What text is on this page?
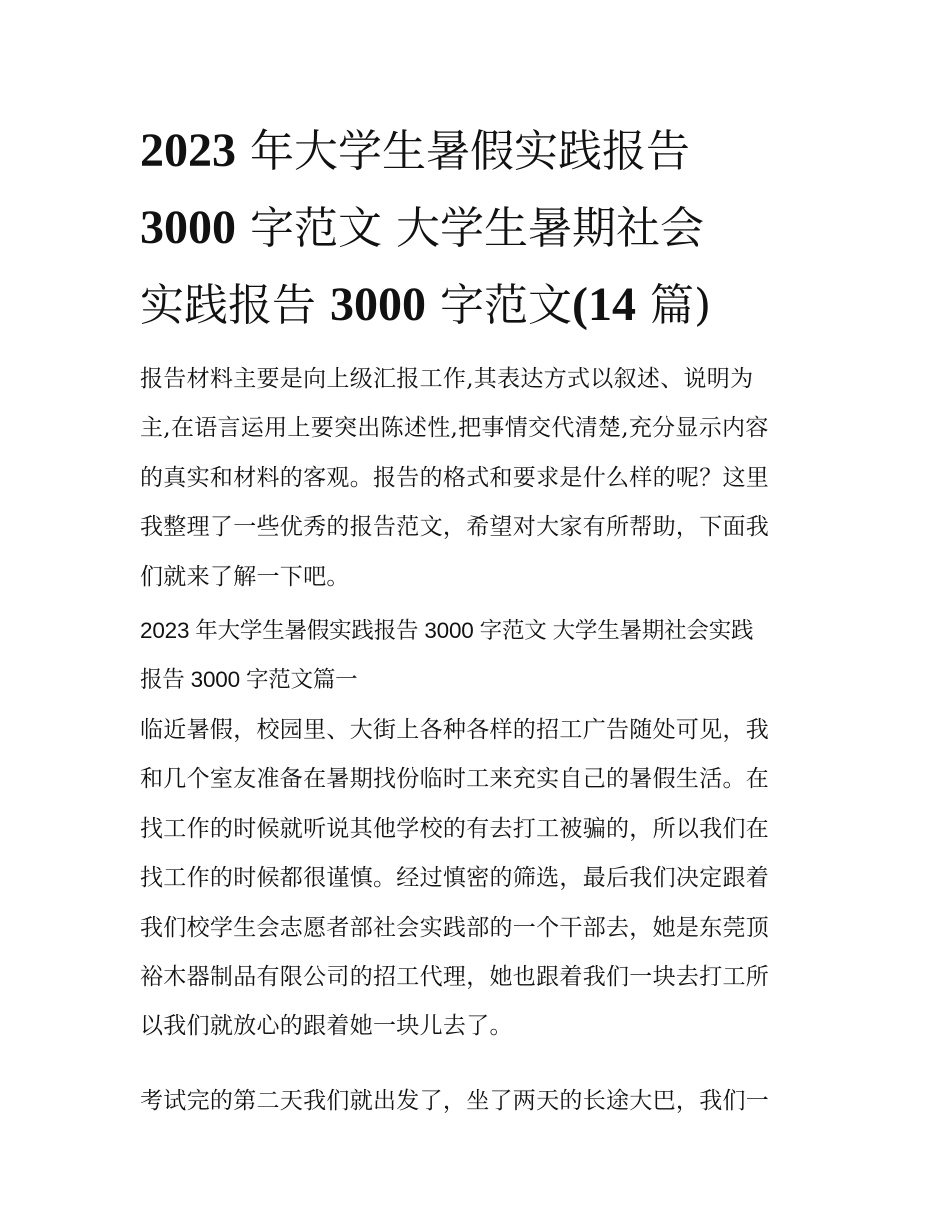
2023 年大学生暑假实践报告
3000 字范文 大学生暑期社会
实践报告 3000 字范文(14 篇)
报告材料主要是向上级汇报工作,其表达方式以叙述、说明为
主,在语言运用上要突出陈述性,把事情交代清楚,充分显示内容
的真实和材料的客观。报告的格式和要求是什么样的呢？这里
我整理了一些优秀的报告范文，希望对大家有所帮助，下面我
们就来了解一下吧。
2023 年大学生暑假实践报告 3000 字范文 大学生暑期社会实践
报告 3000 字范文篇一
临近暑假，校园里、大街上各种各样的招工广告随处可见，我
和几个室友准备在暑期找份临时工来充实自己的暑假生活。在
找工作的时候就听说其他学校的有去打工被骗的，所以我们在
找工作的时候都很谨慎。经过慎密的筛选，最后我们决定跟着
我们校学生会志愿者部社会实践部的一个干部去，她是东莞顶
裕木器制品有限公司的招工代理，她也跟着我们一块去打工所
以我们就放心的跟着她一块儿去了。
考试完的第二天我们就出发了，坐了两天的长途大巴，我们一
